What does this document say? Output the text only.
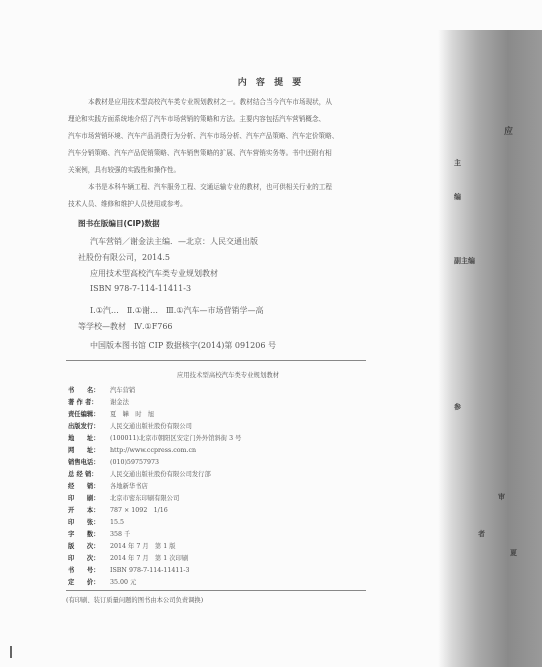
应
主
编
副主编
参
审
者
夏
内 容 提 要
本教材是应用技术型高校汽车类专业规划教材之一。教材结合当今汽车市场现状，从
理论和实践方面系统地介绍了汽车市场营销的策略和方法。主要内容包括汽车营销概念、
汽车市场营销环境、汽车产品消费行为分析、汽车市场分析、汽车产品策略、汽车定价策略、
汽车分销策略、汽车产品促销策略、汽车销售策略的扩展、汽车营销实务等。书中还附有相
关案例，具有较强的实践性和操作性。
本书是本科车辆工程、汽车服务工程、交通运输专业的教材，也可供相关行业的工程
技术人员、维修和维护人员使用或参考。
图书在版编目(CIP)数据
汽车营销／谢金法主编．—北京：人民交通出版
社股份有限公司，2014.5
应用技术型高校汽车类专业规划教材
ISBN 978-7-114-11411-3
Ⅰ.①汽…　Ⅱ.①谢…　Ⅲ.①汽车—市场营销学—高
等学校—教材　Ⅳ.①F766
中国版本图书馆 CIP 数据核字(2014)第 091206 号
应用技术型高校汽车类专业规划教材
书　　名： 汽车营销
著 作 者： 谢金法
责任编辑： 夏　韡　时　旭
出版发行： 人民交通出版社股份有限公司
地　　址： (100011)北京市朝阳区安定门外外馆斜街 3 号
网　　址： http://www.ccpress.com.cn
销售电话： (010)59757973
总 经 销： 人民交通出版社股份有限公司发行部
经　　销： 各地新华书店
印　　刷： 北京市密东印刷有限公司
开　　本： 787 × 1092　1/16
印　　张： 15.5
字　　数： 358 千
版　　次： 2014 年 7 月　第 1 版
印　　次： 2014 年 7 月　第 1 次印刷
书　　号： ISBN 978-7-114-11411-3
定　　价： 35.00 元
(有印刷、装订质量问题的图书由本公司负责调换)
